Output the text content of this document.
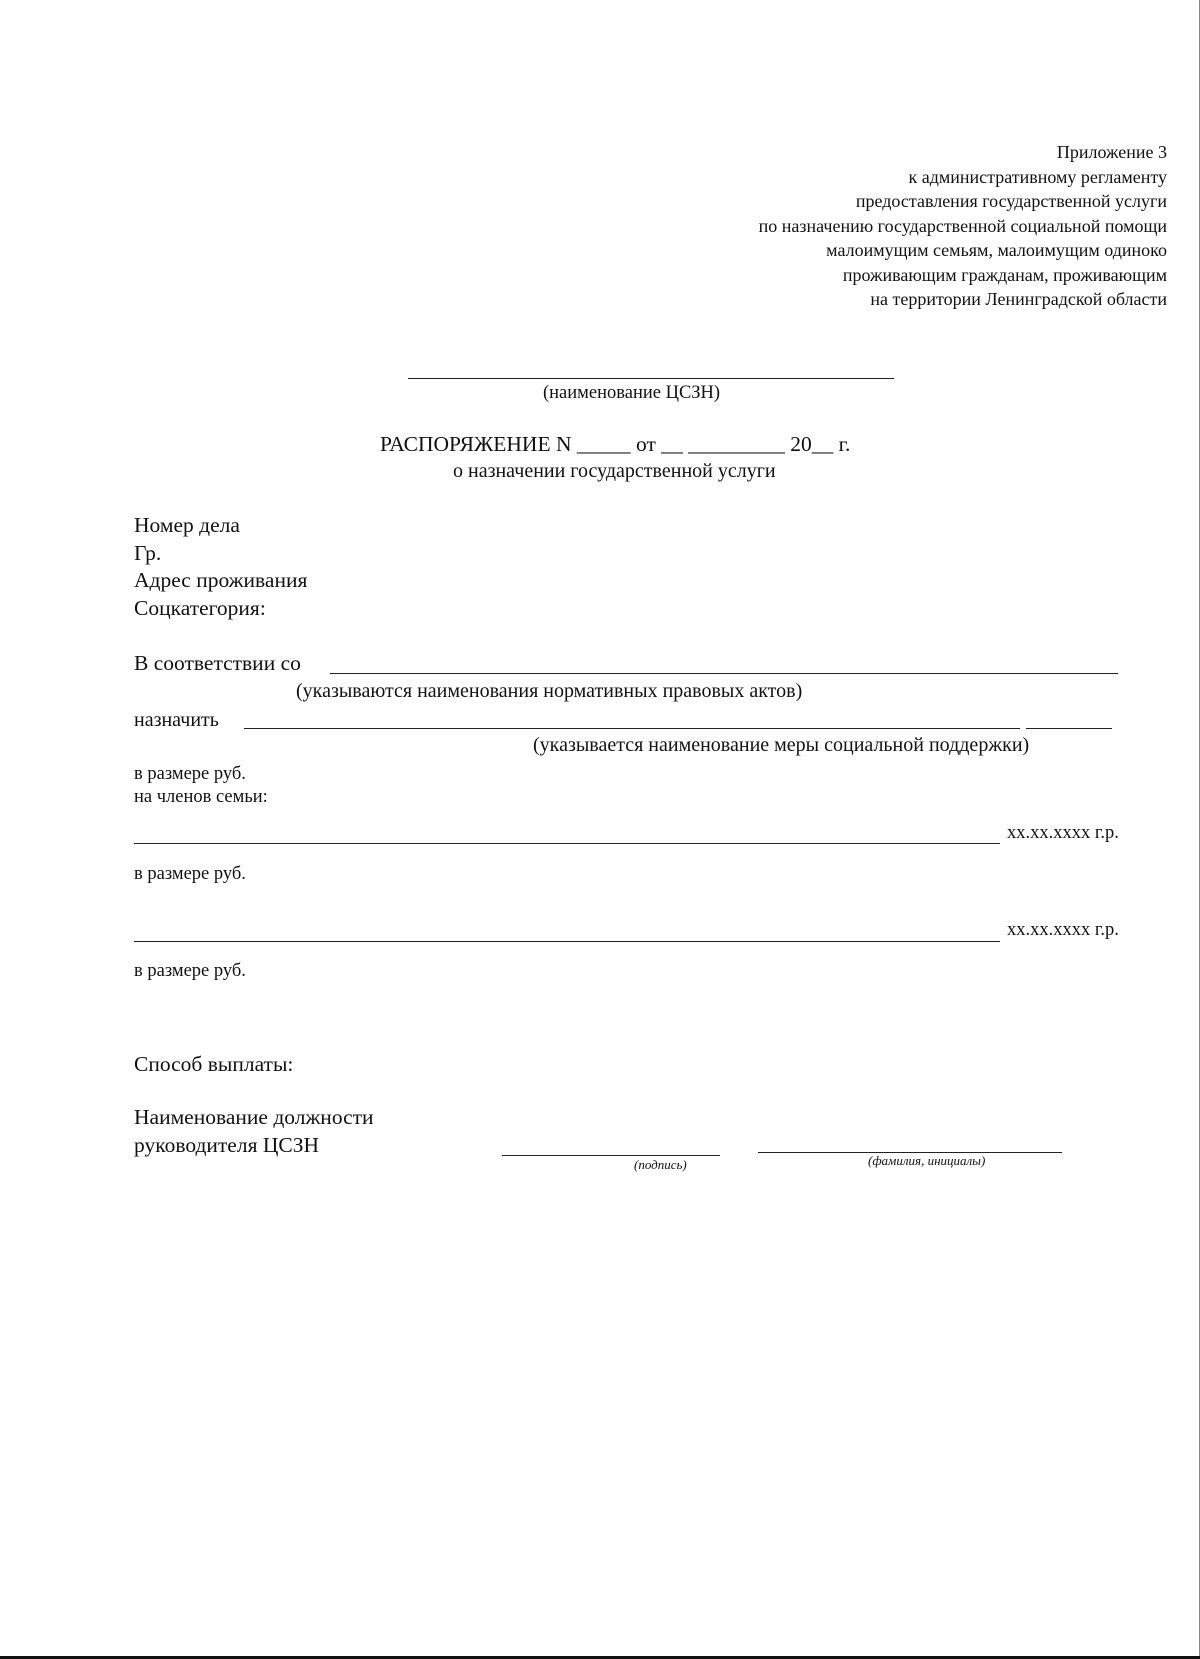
Приложение 3
к административному регламенту
предоставления государственной услуги
по назначению государственной социальной помощи
малоимущим семьям, малоимущим одиноко
проживающим гражданам, проживающим
на территории Ленинградской области
(наименование ЦСЗН)
РАСПОРЯЖЕНИЕ N _____ от __ _________ 20__ г.
о назначении государственной услуги
Номер дела
Гр.
Адрес проживания
Соцкатегория:
В соответствии со
(указываются наименования нормативных правовых актов)
назначить
(указывается наименование меры социальной поддержки)
в размере руб.
на членов семьи:
хх.хх.хххх г.р.
в размере руб.
хх.хх.хххх г.р.
в размере руб.
Способ выплаты:
Наименование должности
руководителя ЦСЗН
(подпись)	(фамилия, инициалы)
